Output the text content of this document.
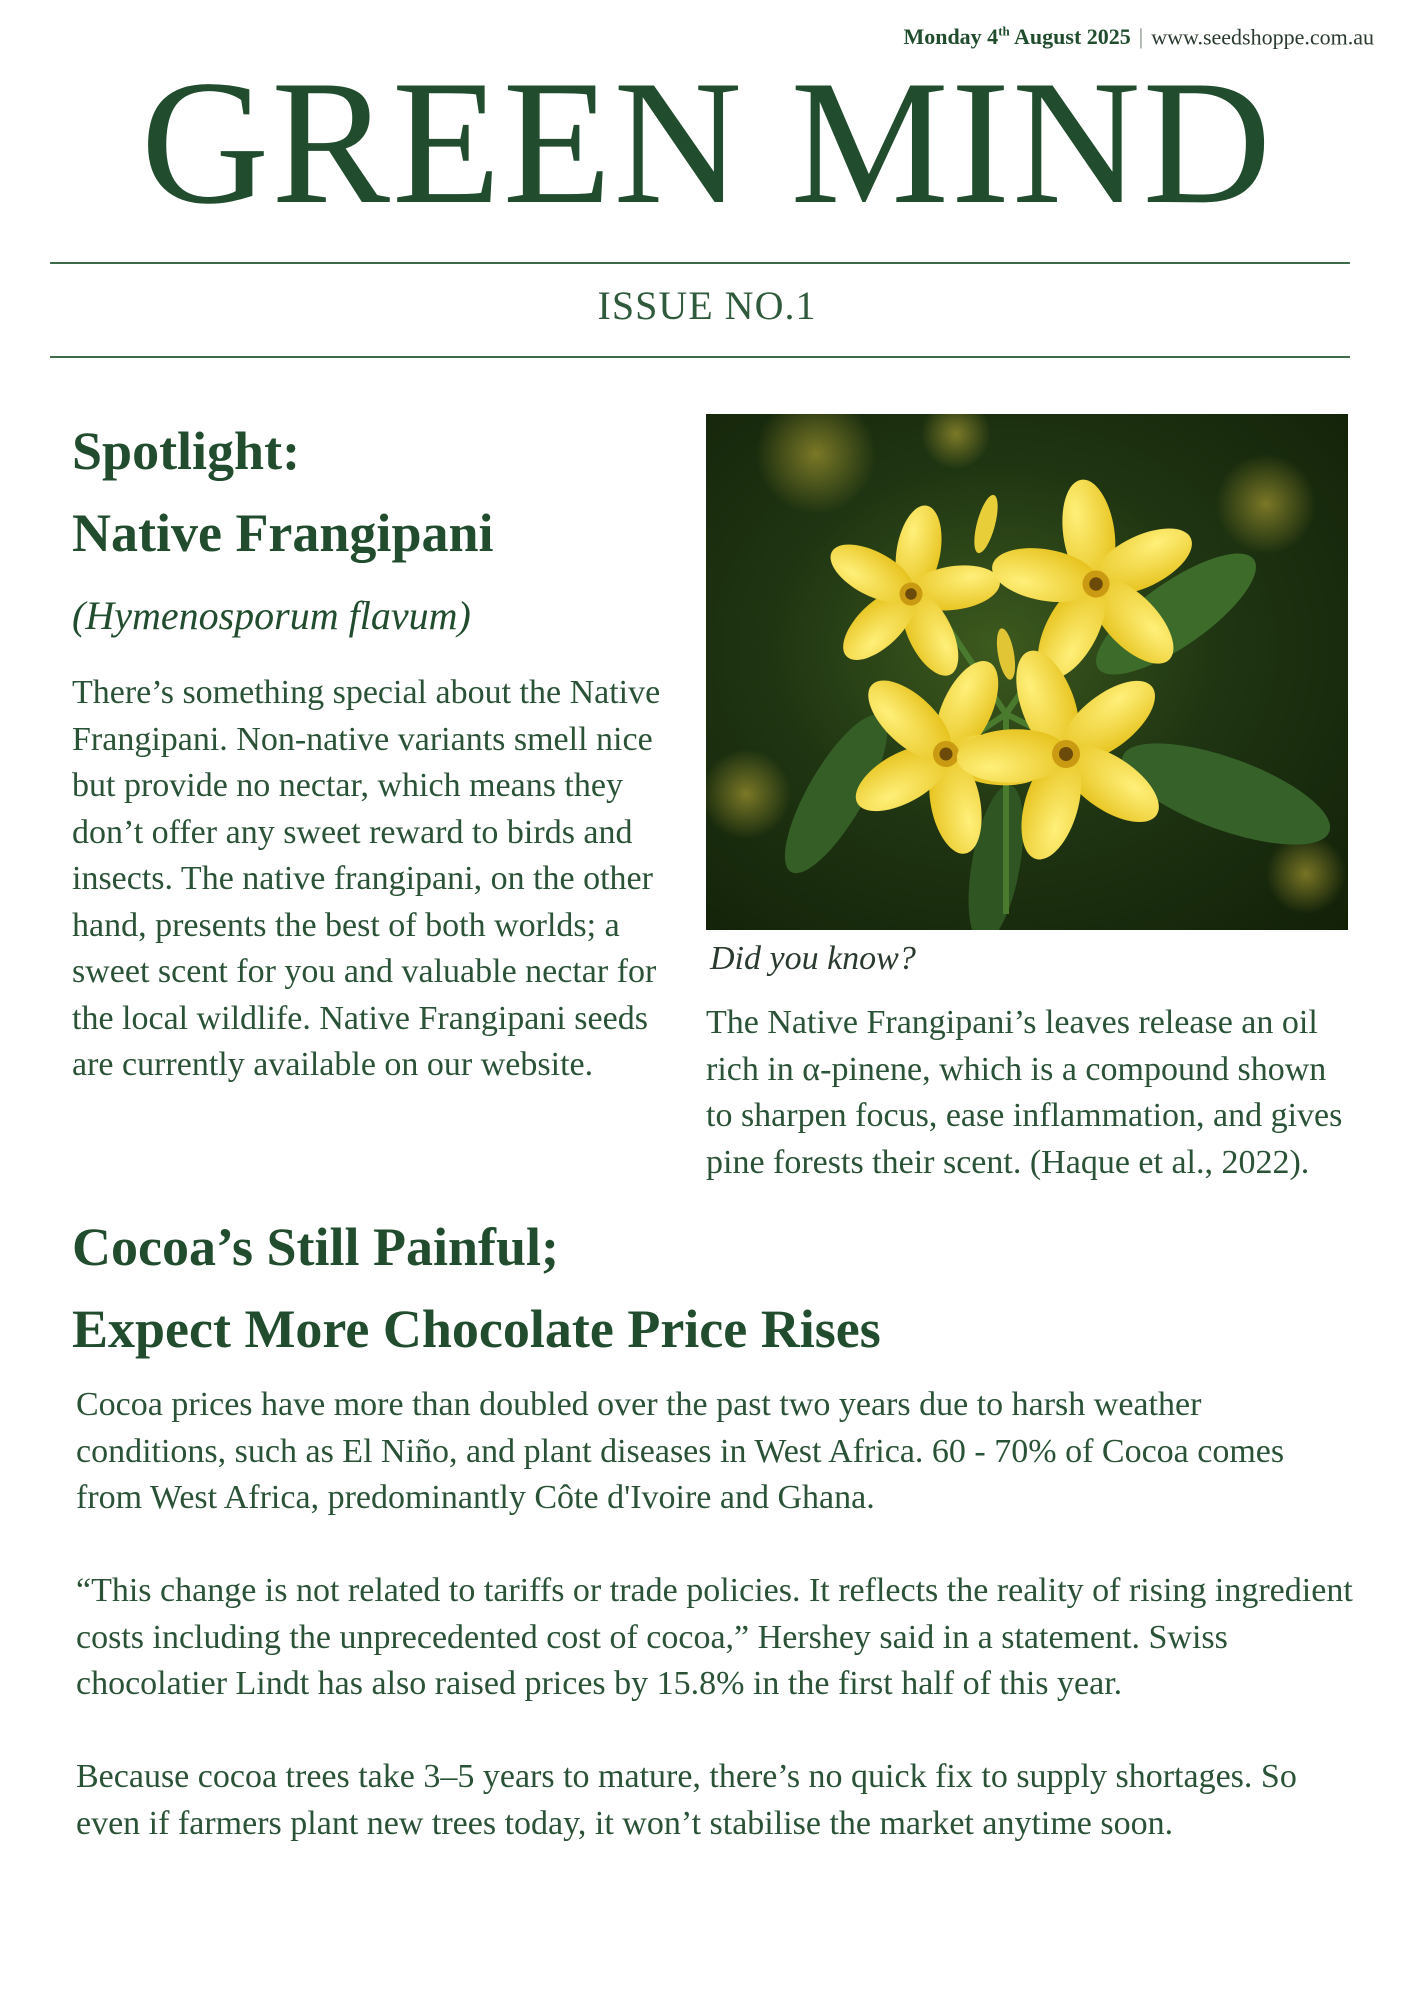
Monday 4th August 2025 | www.seedshoppe.com.au
GREEN MIND
ISSUE NO.1
Spotlight:
Native Frangipani
(Hymenosporum flavum)

There’s something special about the Native Frangipani. Non-native variants smell nice but provide no nectar, which means they don’t offer any sweet reward to birds and insects. The native frangipani, on the other hand, presents the best of both worlds; a sweet scent for you and valuable nectar for the local wildlife. Native Frangipani seeds are currently available on our website.

Did you know?

The Native Frangipani’s leaves release an oil rich in α-pinene, which is a compound shown to sharpen focus, ease inflammation, and gives pine forests their scent. (Haque et al., 2022).

Cocoa’s Still Painful;
Expect More Chocolate Price Rises

Cocoa prices have more than doubled over the past two years due to harsh weather conditions, such as El Niño, and plant diseases in West Africa. 60 - 70% of Cocoa comes from West Africa, predominantly Côte d'Ivoire and Ghana.

“This change is not related to tariffs or trade policies. It reflects the reality of rising ingredient costs including the unprecedented cost of cocoa,” Hershey said in a statement. Swiss chocolatier Lindt has also raised prices by 15.8% in the first half of this year.

Because cocoa trees take 3–5 years to mature, there’s no quick fix to supply shortages. So even if farmers plant new trees today, it won’t stabilise the market anytime soon.
